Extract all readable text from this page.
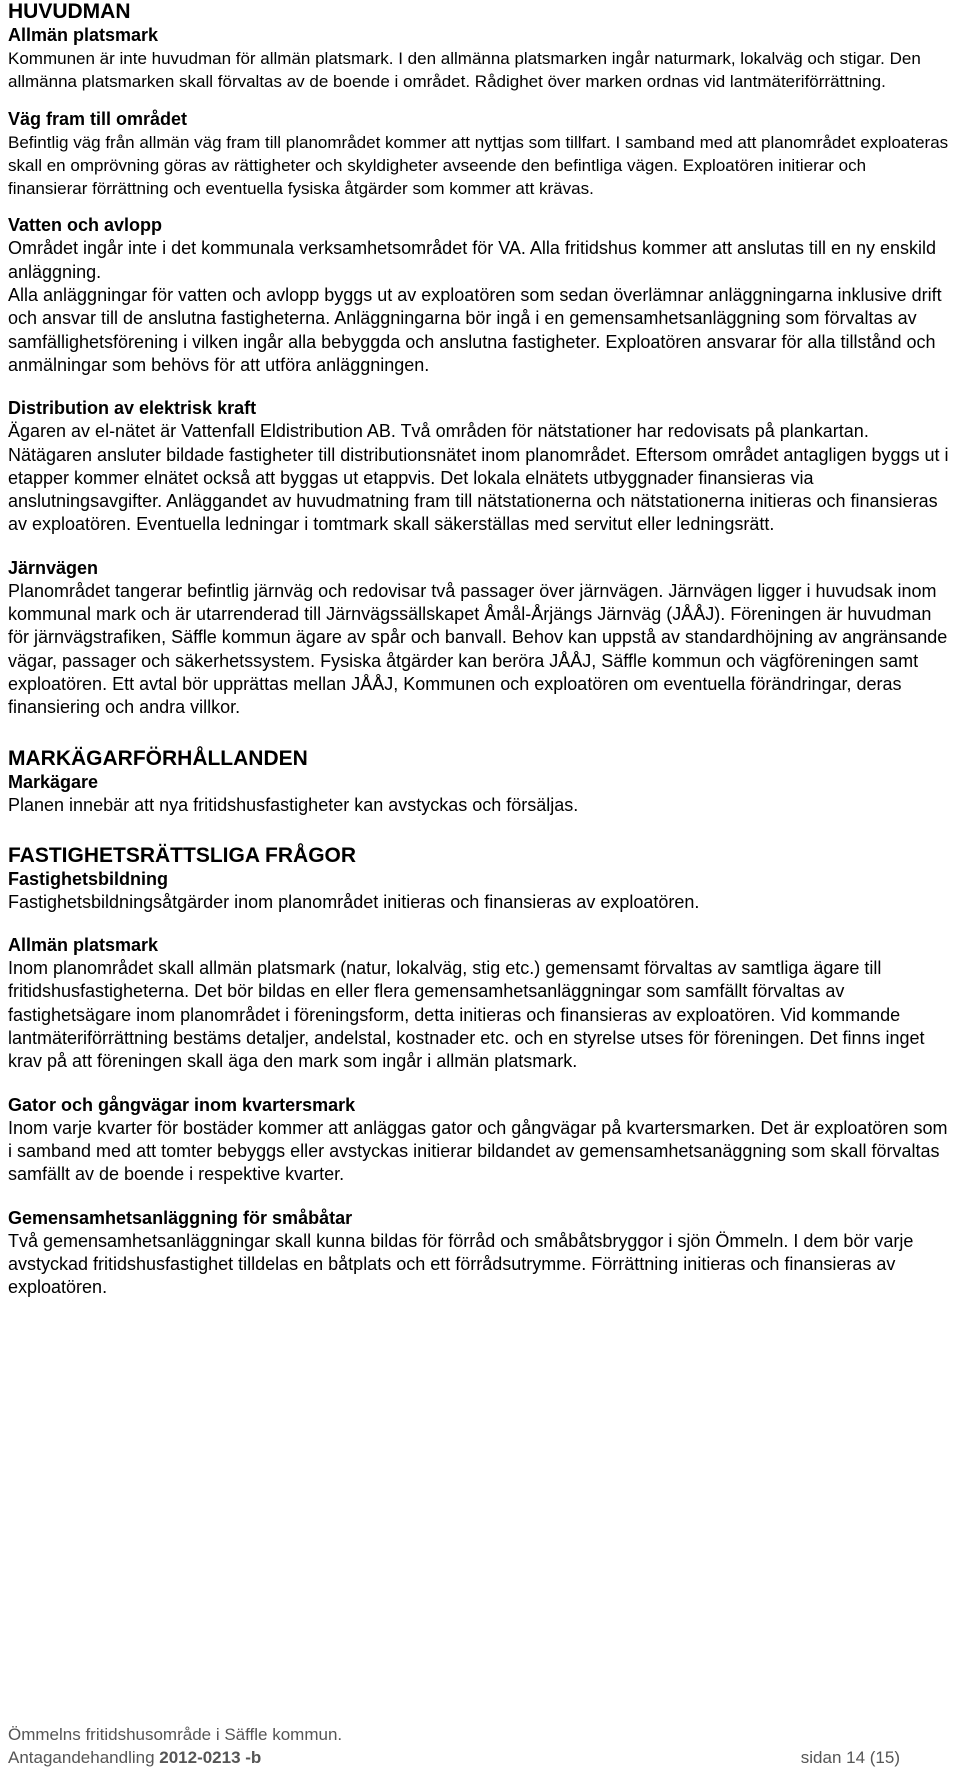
HUVUDMAN
Allmän platsmark
Kommunen är inte huvudman för allmän platsmark. I den allmänna platsmarken ingår naturmark, lokalväg och stigar. Den allmänna platsmarken skall förvaltas av de boende i området. Rådighet över marken ordnas vid lantmäteriförrättning.
Väg fram till området
Befintlig väg från allmän väg fram till planområdet kommer att nyttjas som tillfart. I samband med att planområdet exploateras skall en omprövning göras av rättigheter och skyldigheter avseende den befintliga vägen. Exploatören initierar och finansierar förrättning och eventuella fysiska åtgärder som kommer att krävas.
Vatten och avlopp
Området ingår inte i det kommunala verksamhetsområdet för VA. Alla fritidshus kommer att anslutas till en ny enskild anläggning.
Alla anläggningar för vatten och avlopp byggs ut av exploatören som sedan överlämnar anläggningarna inklusive drift och ansvar till de anslutna fastigheterna. Anläggningarna bör ingå i en gemensamhetsanläggning som förvaltas av samfällighetsförening i vilken ingår alla bebyggda och anslutna fastigheter. Exploatören ansvarar för alla tillstånd och anmälningar som behövs för att utföra anläggningen.
Distribution av elektrisk kraft
Ägaren av el-nätet är Vattenfall Eldistribution AB. Två områden för nätstationer har redovisats på plankartan. Nätägaren ansluter bildade fastigheter till distributionsnätet inom planområdet. Eftersom området antagligen byggs ut i etapper kommer elnätet också att byggas ut etappvis. Det lokala elnätets utbyggnader finansieras via anslutningsavgifter. Anläggandet av huvudmatning fram till nätstationerna och nätstationerna initieras och finansieras av exploatören. Eventuella ledningar i tomtmark skall säkerställas med servitut eller ledningsrätt.
Järnvägen
Planområdet tangerar befintlig järnväg och redovisar två passager över järnvägen. Järnvägen ligger i huvudsak inom kommunal mark och är utarrenderad till Järnvägssällskapet Åmål-Årjängs Järnväg (JÅÅJ). Föreningen är huvudman för järnvägstrafiken, Säffle kommun ägare av spår och banvall. Behov kan uppstå av standardhöjning av angränsande vägar, passager och säkerhetssystem. Fysiska åtgärder kan beröra JÅÅJ, Säffle kommun och vägföreningen samt exploatören. Ett avtal bör upprättas mellan JÅÅJ, Kommunen och exploatören om eventuella förändringar, deras finansiering och andra villkor.
MARKÄGARFÖRHÅLLANDEN
Markägare
Planen innebär att nya fritidshusfastigheter kan avstyckas och försäljas.
FASTIGHETSRÄTTSLIGA FRÅGOR
Fastighetsbildning
Fastighetsbildningsåtgärder inom planområdet initieras och finansieras av exploatören.
Allmän platsmark
Inom planområdet skall allmän platsmark (natur, lokalväg, stig etc.) gemensamt förvaltas av samtliga ägare till fritidshusfastigheterna. Det bör bildas en eller flera gemensamhetsanläggningar som samfällt förvaltas av fastighetsägare inom planområdet i föreningsform, detta initieras och finansieras av exploatören. Vid kommande lantmäteriförrättning bestäms detaljer, andelstal, kostnader etc. och en styrelse utses för föreningen. Det finns inget krav på att föreningen skall äga den mark som ingår i allmän platsmark.
Gator och gångvägar inom kvartersmark
Inom varje kvarter för bostäder kommer att anläggas gator och gångvägar på kvartersmarken. Det är exploatören som i samband med att tomter bebyggs eller avstyckas initierar bildandet av gemensamhetsanäggning som skall förvaltas samfällt av de boende i respektive kvarter.
Gemensamhetsanläggning för småbåtar
Två gemensamhetsanläggningar skall kunna bildas för förråd och småbåtsbryggor i sjön Ömmeln. I dem bör varje avstyckad fritidshusfastighet tilldelas en båtplats och ett förrådsutrymme. Förrättning initieras och finansieras av exploatören.
Ömmelns fritidshusområde i Säffle kommun.
Antagandehandling 2012-0213 -b	sidan 14 (15)
